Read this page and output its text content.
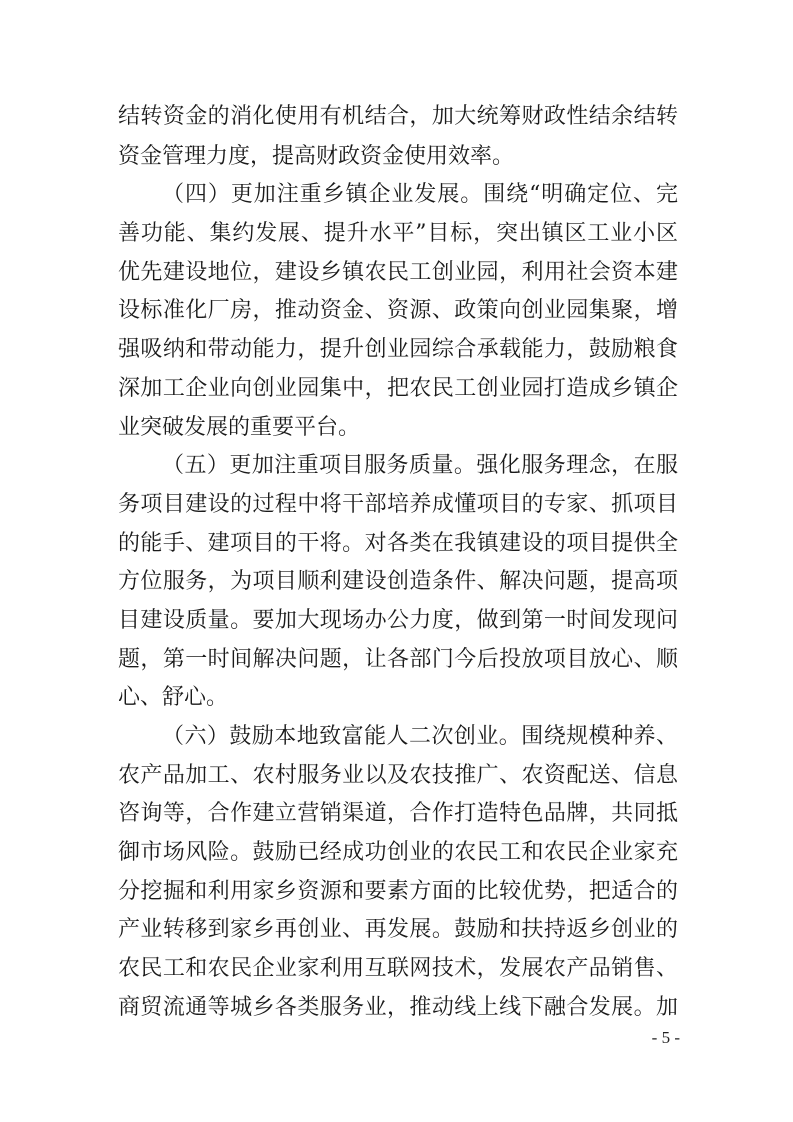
结转资金的消化使用有机结合，加大统筹财政性结余结转
资金管理力度，提高财政资金使用效率。
（四）更加注重乡镇企业发展。围绕“明确定位、完
善功能、集约发展、提升水平”目标，突出镇区工业小区
优先建设地位，建设乡镇农民工创业园，利用社会资本建
设标准化厂房，推动资金、资源、政策向创业园集聚，增
强吸纳和带动能力，提升创业园综合承载能力，鼓励粮食
深加工企业向创业园集中，把农民工创业园打造成乡镇企
业突破发展的重要平台。
（五）更加注重项目服务质量。强化服务理念，在服
务项目建设的过程中将干部培养成懂项目的专家、抓项目
的能手、建项目的干将。对各类在我镇建设的项目提供全
方位服务，为项目顺利建设创造条件、解决问题，提高项
目建设质量。要加大现场办公力度，做到第一时间发现问
题，第一时间解决问题，让各部门今后投放项目放心、顺
心、舒心。
（六）鼓励本地致富能人二次创业。围绕规模种养、
农产品加工、农村服务业以及农技推广、农资配送、信息
咨询等，合作建立营销渠道，合作打造特色品牌，共同抵
御市场风险。鼓励已经成功创业的农民工和农民企业家充
分挖掘和利用家乡资源和要素方面的比较优势，把适合的
产业转移到家乡再创业、再发展。鼓励和扶持返乡创业的
农民工和农民企业家利用互联网技术，发展农产品销售、
商贸流通等城乡各类服务业，推动线上线下融合发展。加
- 5 -
